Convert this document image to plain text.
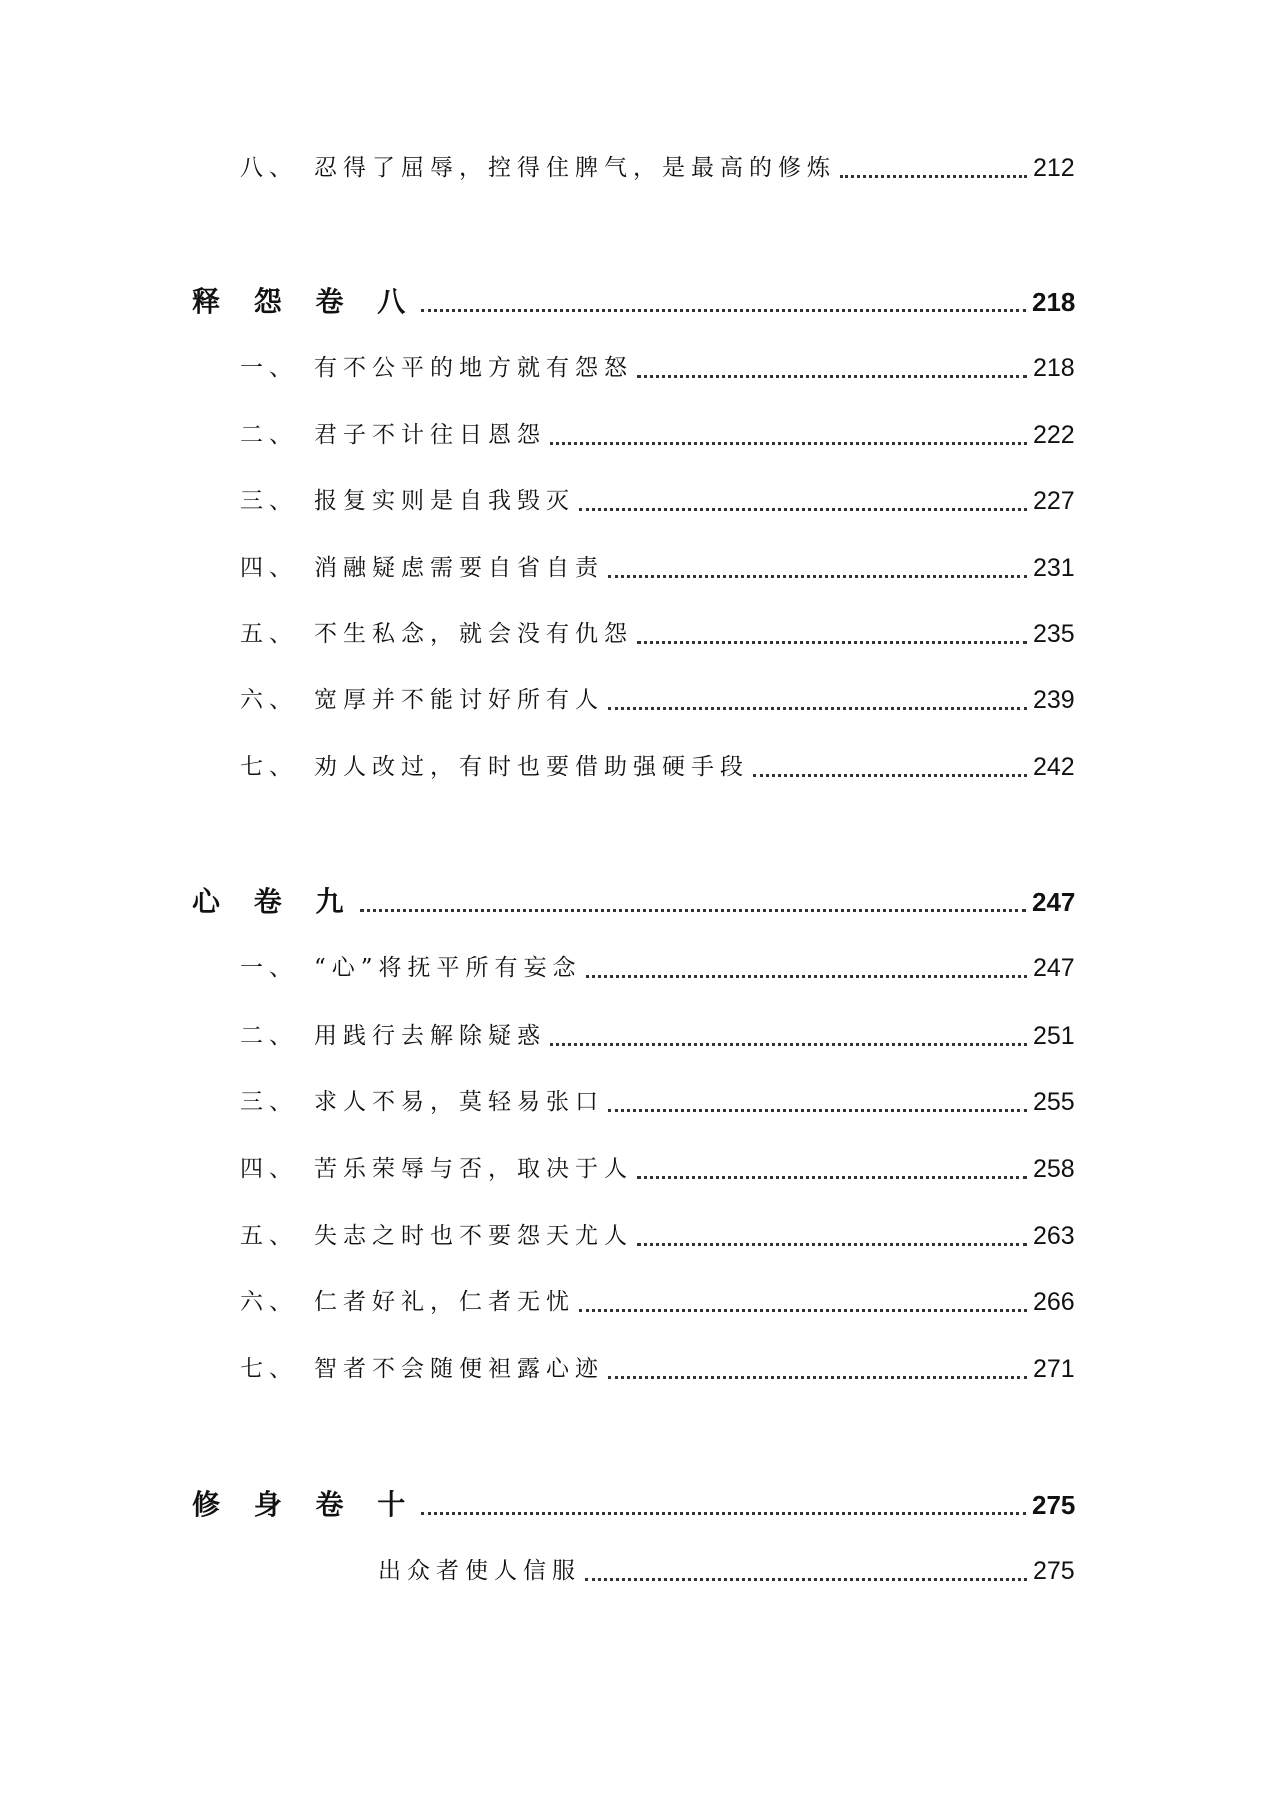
八、 忍得了屈辱，控得住脾气，是最高的修炼	212
释 怨 卷 八	218
一、 有不公平的地方就有怨怒	218
二、 君子不计往日恩怨	222
三、 报复实则是自我毁灭	227
四、 消融疑虑需要自省自责	231
五、 不生私念，就会没有仇怨	235
六、 宽厚并不能讨好所有人	239
七、 劝人改过，有时也要借助强硬手段	242
心 卷 九	247
一、 “心”将抚平所有妄念	247
二、 用践行去解除疑惑	251
三、 求人不易，莫轻易张口	255
四、 苦乐荣辱与否，取决于人	258
五、 失志之时也不要怨天尤人	263
六、 仁者好礼，仁者无忧	266
七、 智者不会随便袒露心迹	271
修 身 卷 十	275
出众者使人信服	275
